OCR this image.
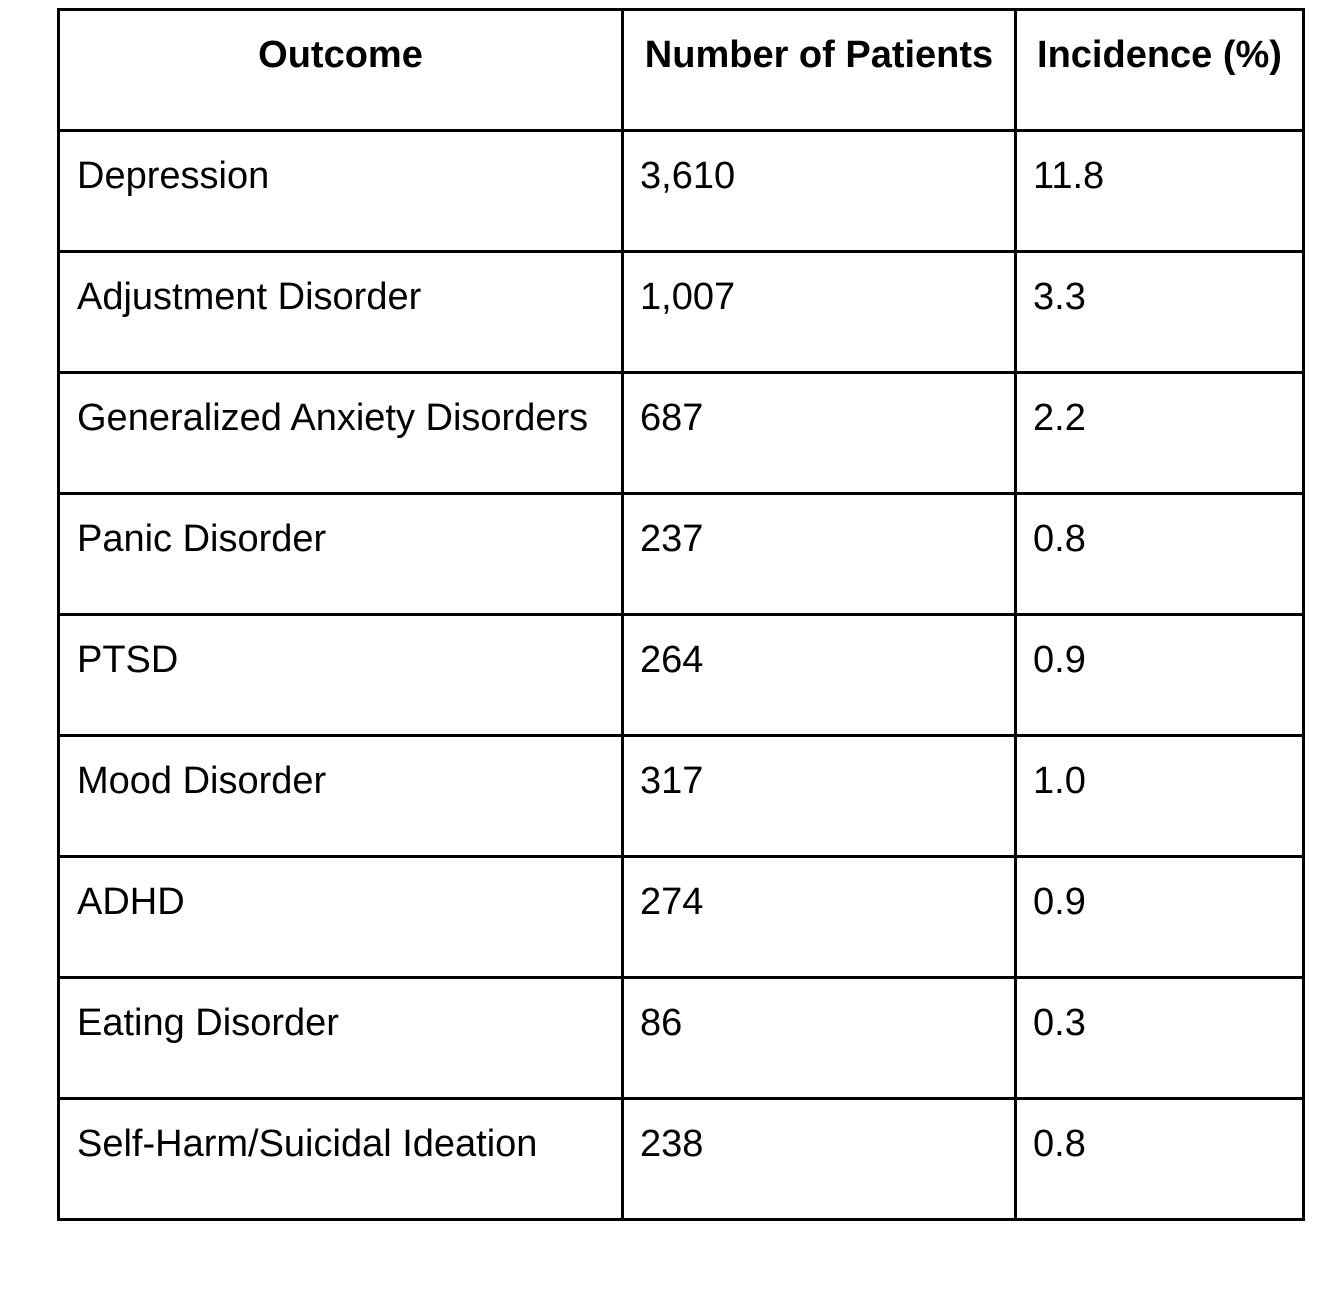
Outcome	Number of Patients	Incidence (%)
Depression	3,610	11.8
Adjustment Disorder	1,007	3.3
Generalized Anxiety Disorders	687	2.2
Panic Disorder	237	0.8
PTSD	264	0.9
Mood Disorder	317	1.0
ADHD	274	0.9
Eating Disorder	86	0.3
Self-Harm/Suicidal Ideation	238	0.8
